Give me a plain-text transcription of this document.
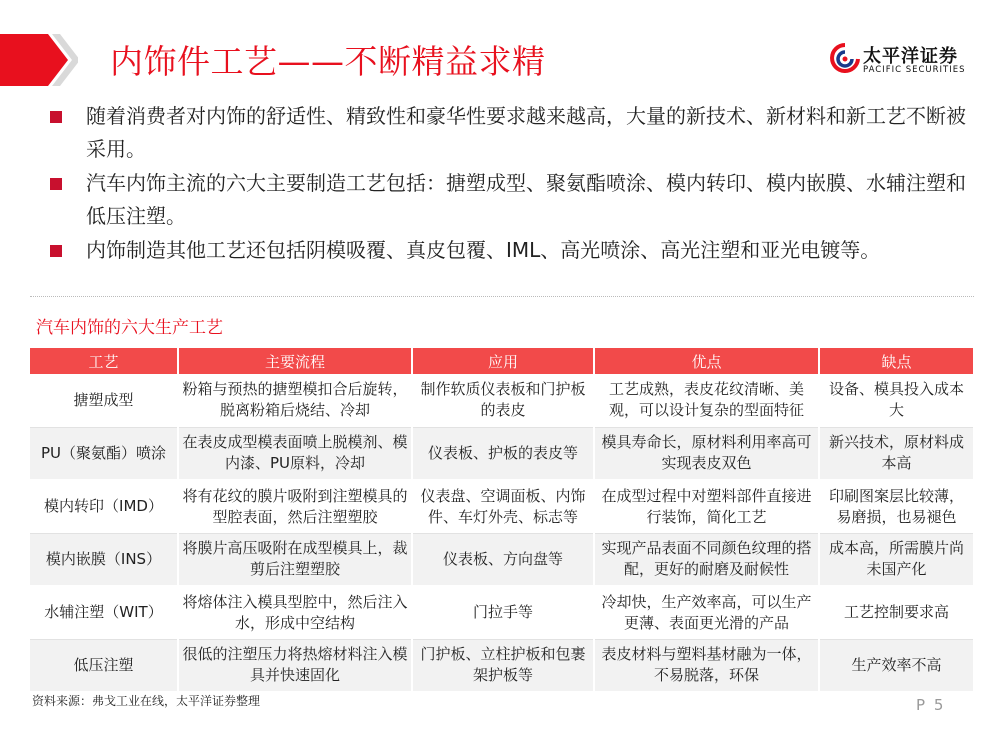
内饰件工艺——不断精益求精	太平洋证券
PACIFIC SECURITIES
随着消费者对内饰的舒适性、精致性和豪华性要求越来越高，大量的新技术、新材料和新工艺不断被采用。
汽车内饰主流的六大主要制造工艺包括：搪塑成型、聚氨酯喷涂、模内转印、模内嵌膜、水辅注塑和低压注塑。
内饰制造其他工艺还包括阴模吸覆、真皮包覆、IML、高光喷涂、高光注塑和亚光电镀等。
汽车内饰的六大生产工艺
工艺	主要流程	应用	优点	缺点
搪塑成型	粉箱与预热的搪塑模扣合后旋转，脱离粉箱后烧结、冷却	制作软质仪表板和门护板的表皮	工艺成熟，表皮花纹清晰、美观，可以设计复杂的型面特征	设备、模具投入成本大
PU（聚氨酯）喷涂	在表皮成型模表面喷上脱模剂、模内漆、PU原料，冷却	仪表板、护板的表皮等	模具寿命长，原材料利用率高可实现表皮双色	新兴技术，原材料成本高
模内转印（IMD）	将有花纹的膜片吸附到注塑模具的型腔表面，然后注塑塑胶	仪表盘、空调面板、内饰件、车灯外壳、标志等	在成型过程中对塑料部件直接进行装饰，简化工艺	印刷图案层比较薄，易磨损，也易褪色
模内嵌膜（INS）	将膜片高压吸附在成型模具上，裁剪后注塑塑胶	仪表板、方向盘等	实现产品表面不同颜色纹理的搭配，更好的耐磨及耐候性	成本高，所需膜片尚未国产化
水辅注塑（WIT）	将熔体注入模具型腔中，然后注入水，形成中空结构	门拉手等	冷却快，生产效率高，可以生产更薄、表面更光滑的产品	工艺控制要求高
低压注塑	很低的注塑压力将热熔材料注入模具并快速固化	门护板、立柱护板和包裹架护板等	表皮材料与塑料基材融为一体，不易脱落，环保	生产效率不高
资料来源：弗戈工业在线，太平洋证券整理	P 5
